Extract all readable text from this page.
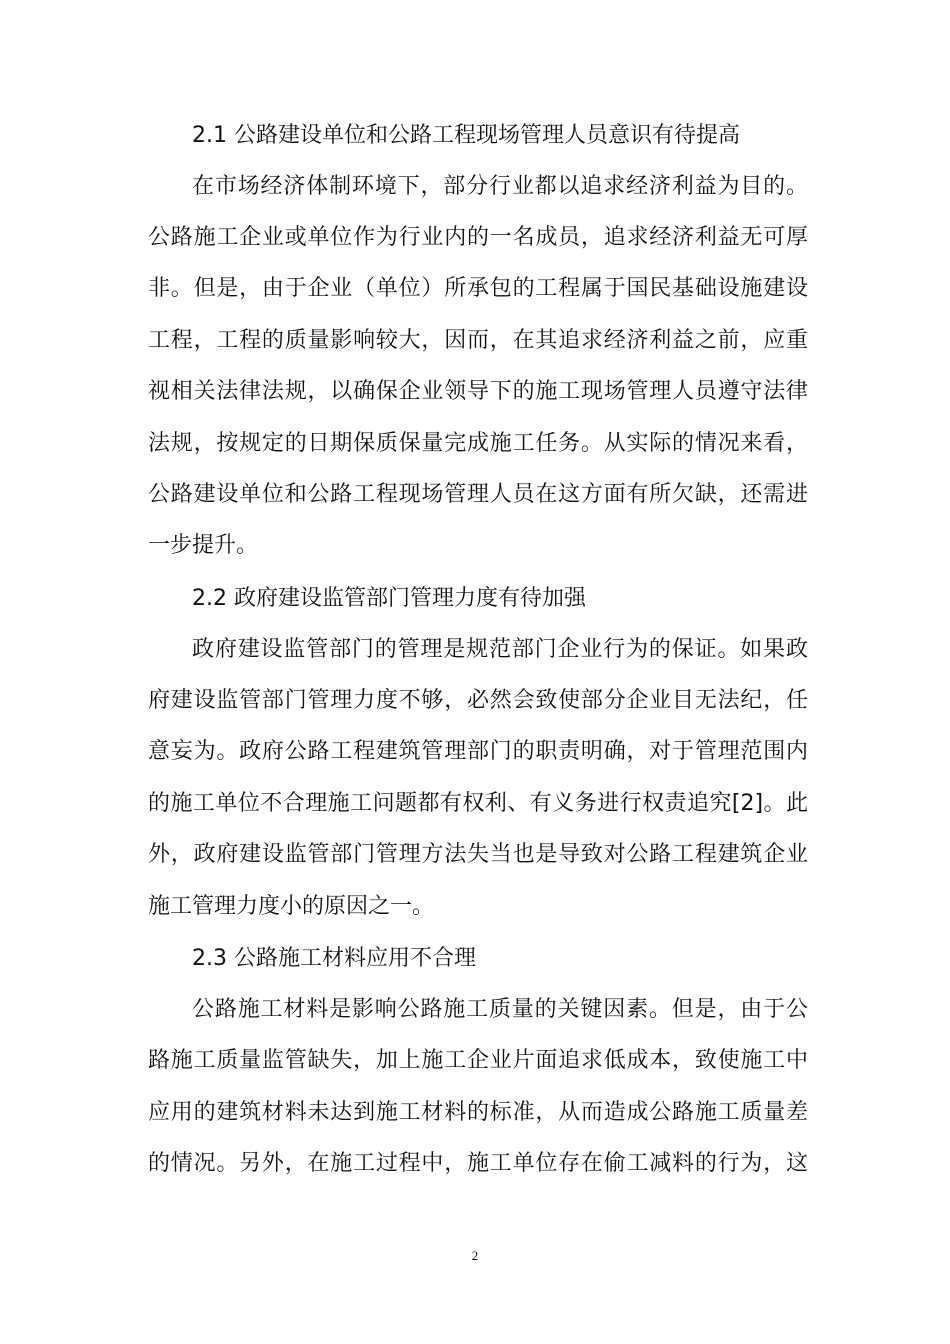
2.1 公路建设单位和公路工程现场管理人员意识有待提高
在市场经济体制环境下，部分行业都以追求经济利益为目的。
公路施工企业或单位作为行业内的一名成员，追求经济利益无可厚
非。但是，由于企业（单位）所承包的工程属于国民基础设施建设
工程，工程的质量影响较大，因而，在其追求经济利益之前，应重
视相关法律法规，以确保企业领导下的施工现场管理人员遵守法律
法规，按规定的日期保质保量完成施工任务。从实际的情况来看，
公路建设单位和公路工程现场管理人员在这方面有所欠缺，还需进
一步提升。
2.2 政府建设监管部门管理力度有待加强
政府建设监管部门的管理是规范部门企业行为的保证。如果政
府建设监管部门管理力度不够，必然会致使部分企业目无法纪，任
意妄为。政府公路工程建筑管理部门的职责明确，对于管理范围内
的施工单位不合理施工问题都有权利、有义务进行权责追究[2]。此
外，政府建设监管部门管理方法失当也是导致对公路工程建筑企业
施工管理力度小的原因之一。
2.3 公路施工材料应用不合理
公路施工材料是影响公路施工质量的关键因素。但是，由于公
路施工质量监管缺失，加上施工企业片面追求低成本，致使施工中
应用的建筑材料未达到施工材料的标准，从而造成公路施工质量差
的情况。另外，在施工过程中，施工单位存在偷工减料的行为，这
2
